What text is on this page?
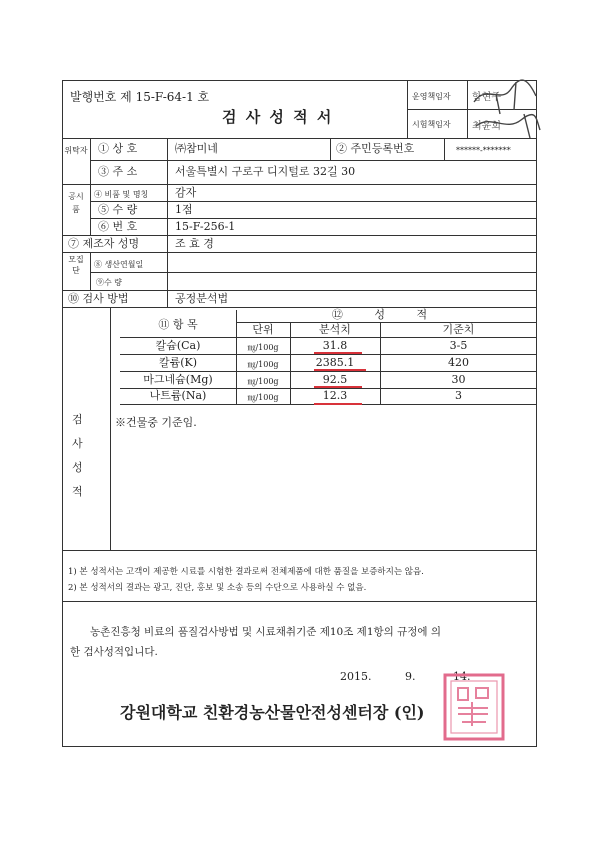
발행번호 제 15-F-64-1 호
검 사 성 적 서
운영책임자 함현주
시험책임자 최윤희
위탁자 ① 상 호	㈜참미네	② 주민등록번호	******-*******
③ 주 소	서울특별시 구로구 디지털로 32길 30
공시품
④ 비품 및 명칭 감자
⑤ 수 량	1점
⑥ 번 호	15-F-256-1
⑦ 제조자 성명	조 효 경
모집단
⑧ 생산연월일
⑨수 량
⑩ 검사 방법	공정분석법
검 사 성 적
⑪ 항 목
⑫ 성 적
단위	분석치	기준치
칼슘(Ca)	㎎/100g	31.8	3-5
칼륨(K)	㎎/100g	2385.1	420
마그네슘(Mg)	㎎/100g	92.5	30
나트륨(Na)	㎎/100g	12.3	3
※건물중 기준임.
1) 본 성적서는 고객이 제공한 시료를 시험한 결과로써 전체제품에 대한 품질을 보증하지는 않음.
2) 본 성적서의 결과는 광고, 진단, 홍보 및 소송 등의 수단으로 사용하실 수 없음.
농촌진흥청 비료의 품질검사방법 및 시료채취기준 제10조 제1항의 규정에 의
한 검사성적입니다.
2015.	9.	14.
강원대학교 친환경농산물안전성센터장 (인)
